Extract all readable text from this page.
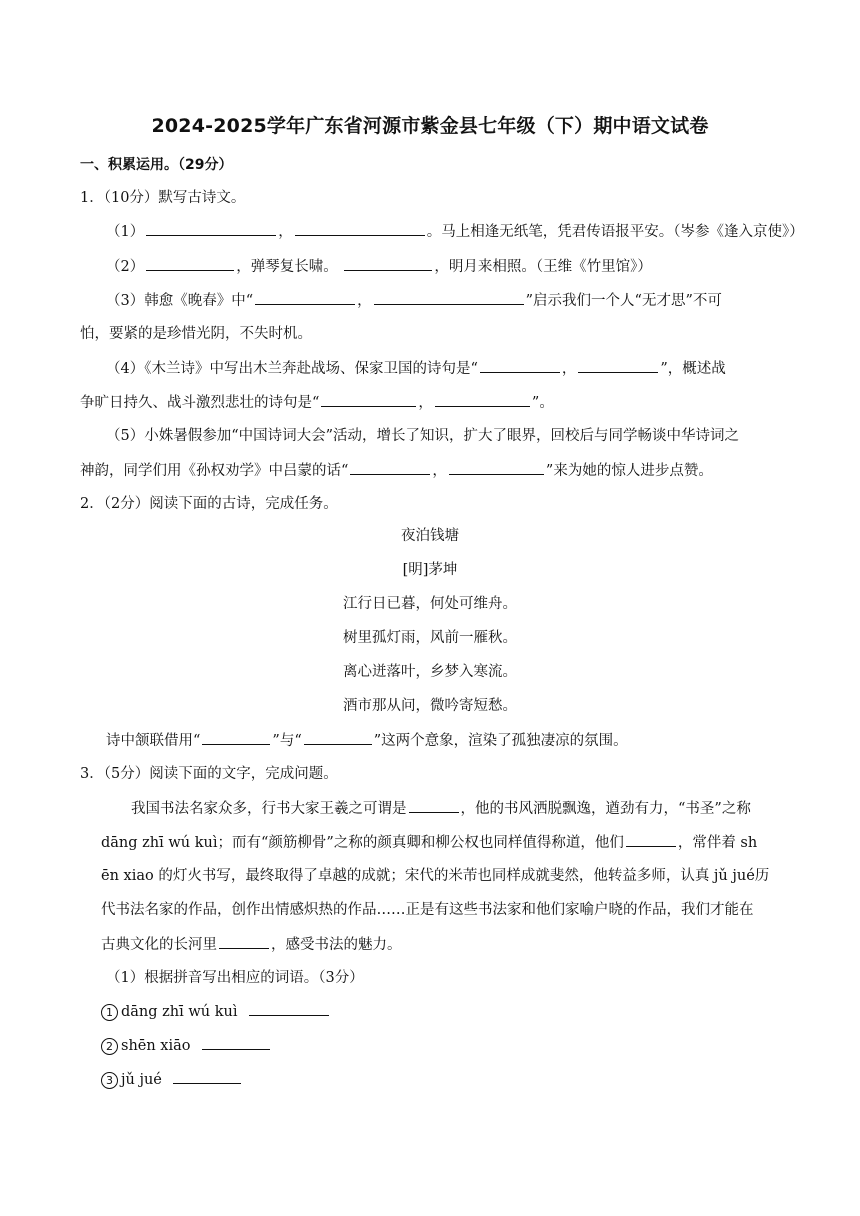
2024-2025学年广东省河源市紫金县七年级（下）期中语文试卷
一、积累运用。（29分）
1．（10分）默写古诗文。
（1）	，	。马上相逢无纸笔，凭君传语报平安。（岑参《逢入京使》）
（2）	，弹琴复长啸。	，明月来相照。（王维《竹里馆》）
（3）韩愈《晚春》中“	，	”启示我们一个人“无才思”不可
怕，要紧的是珍惜光阴，不失时机。
（4）《木兰诗》中写出木兰奔赴战场、保家卫国的诗句是“	，	”，概述战
争旷日持久、战斗激烈悲壮的诗句是“	，	”。
（5）小姝暑假参加“中国诗词大会”活动，增长了知识，扩大了眼界，回校后与同学畅谈中华诗词之
神韵，同学们用《孙权劝学》中吕蒙的话“	，	”来为她的惊人进步点赞。
2．（2分）阅读下面的古诗，完成任务。
夜泊钱塘
[明]茅坤
江行日已暮，何处可维舟。
树里孤灯雨，风前一雁秋。
离心迸落叶，乡梦入寒流。
酒市那从问，微吟寄短愁。
诗中颔联借用“	”与“	”这两个意象，渲染了孤独凄凉的氛围。
3．（5分）阅读下面的文字，完成问题。
我国书法名家众多，行书大家王羲之可谓是	，他的书风洒脱飘逸，遒劲有力，“书圣”之称
dāng zhī wú kuì；而有“颜筋柳骨”之称的颜真卿和柳公权也同样值得称道，他们	，常伴着 sh
ēn xiao 的灯火书写，最终取得了卓越的成就；宋代的米芾也同样成就斐然，他转益多师，认真 jǔ jué历
代书法名家的作品，创作出情感炽热的作品……正是有这些书法家和他们家喻户晓的作品，我们才能在
古典文化的长河里	，感受书法的魅力。
（1）根据拼音写出相应的词语。（3分）
1 dāng zhī wú kuì
2 shēn xiāo
3 jǔ jué
